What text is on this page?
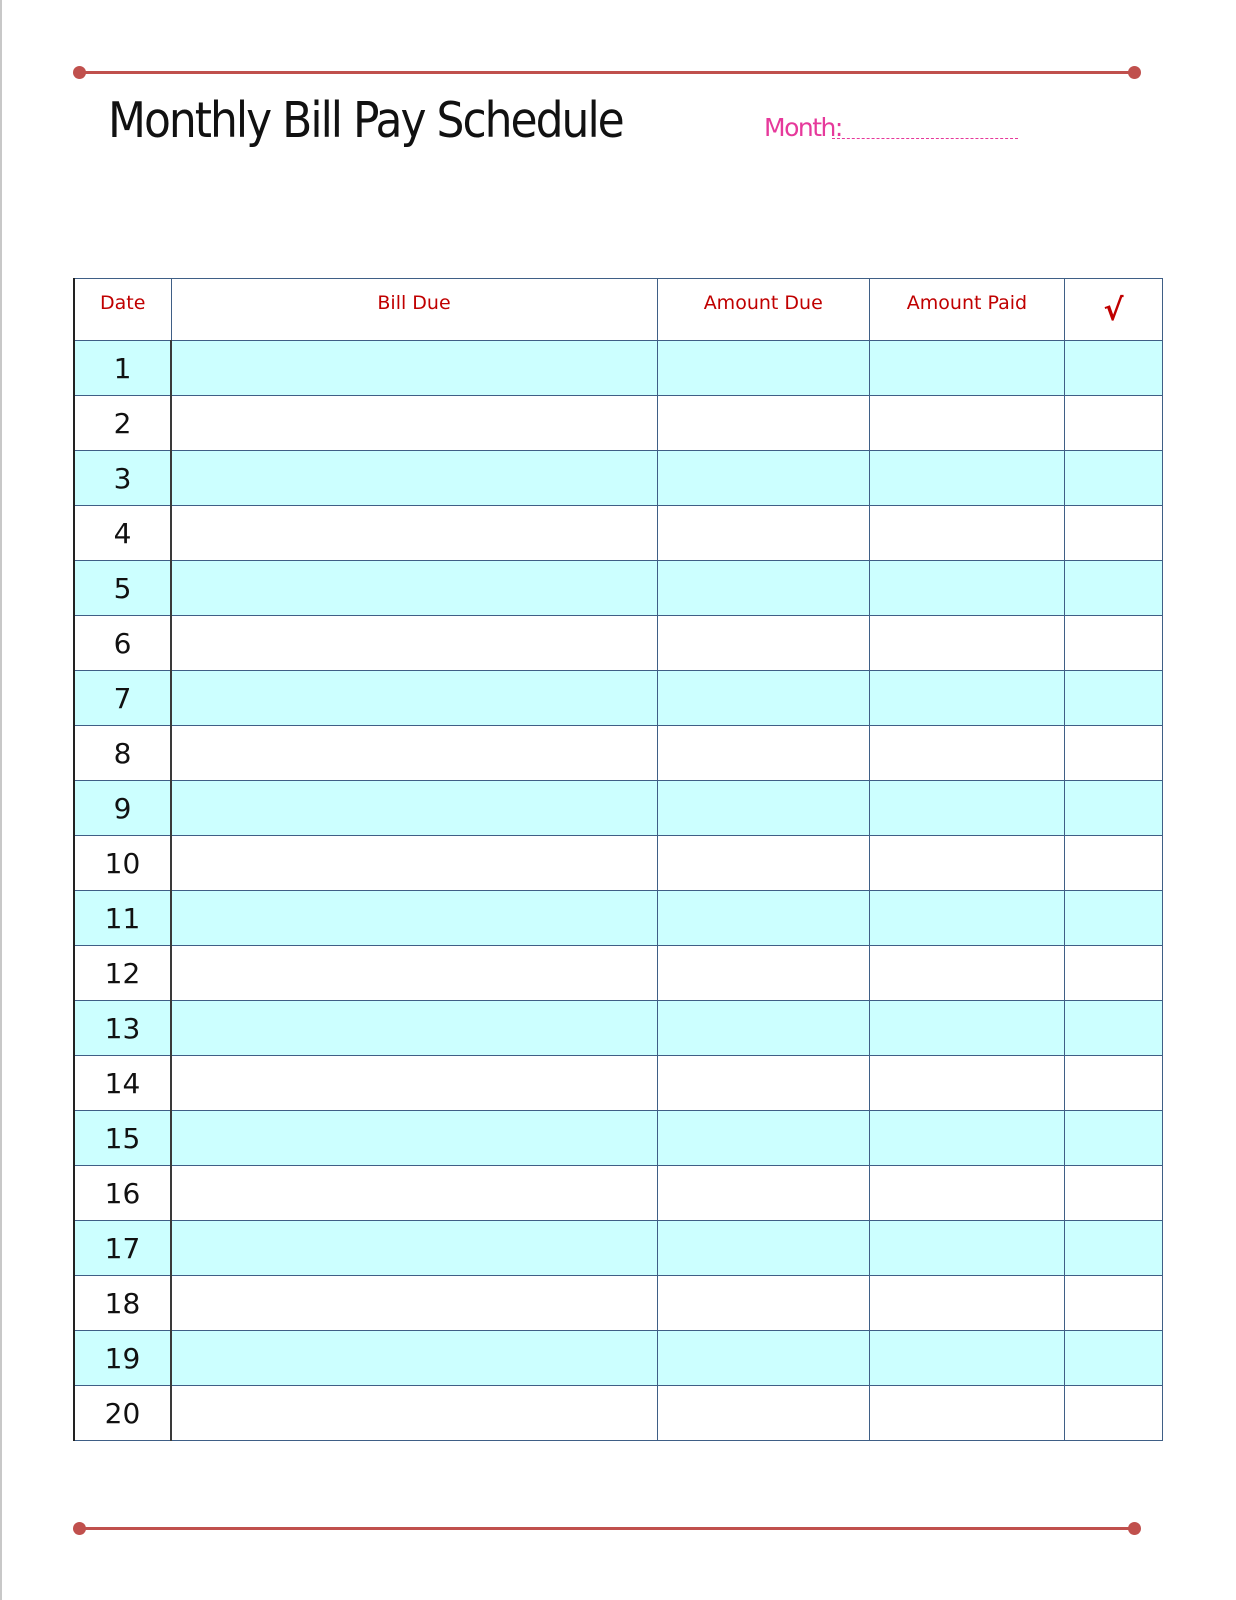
Monthly Bill Pay Schedule	Month:
Date	Bill Due	Amount Due	Amount Paid	√
1				
2				
3				
4				
5				
6				
7				
8				
9				
10				
11				
12				
13				
14				
15				
16				
17				
18				
19				
20				
